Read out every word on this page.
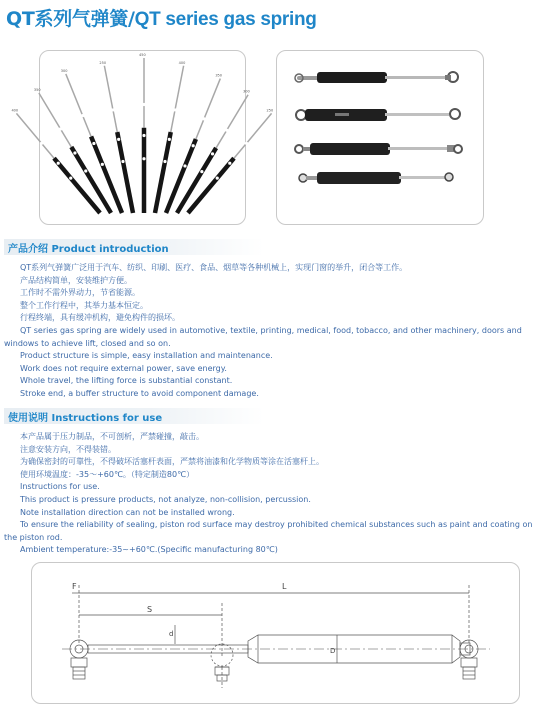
QT系列气弹簧/QT series gas spring
400
350
300
250
450
400
350
300
250
产品介绍 Product introduction

QT系列气弹簧广泛用于汽车、纺织、印刷、医疗、食品、烟草等各种机械上，实现门窗的举升，闭合等工作。

产品结构简单，安装维护方便。

工作时不需外界动力，节省能源。

整个工作行程中，其举力基本恒定。

行程终端，具有缓冲机构，避免构件的损坏。

QT series gas spring are widely used in automotive, textile, printing, medical, food, tobacco, and other machinery, doors and windows to achieve lift, closed and so on.

Product structure is simple, easy installation and maintenance.

Work does not require external power, save energy.

Whole travel, the lifting force is substantial constant.

Stroke end, a buffer structure to avoid component damage.

使用说明 Instructions for use

本产品属于压力制品，不可剖析，严禁碰撞，敲击。

注意安装方向，不得装错。

为确保密封的可靠性，不得破坏活塞杆表面，严禁将油漆和化学物质等涂在活塞杆上。

使用环境温度：-35～+60℃。（特定制造80℃）

Instructions for use.

This product is pressure products, not analyze, non-collision, percussion.

Note installation direction can not be installed wrong.

To ensure the reliability of sealing, piston rod surface may destroy prohibited chemical substances such as paint and coating on the piston rod.

Ambient temperature:-35~+60℃.(Specific manufacturing 80℃)

F	L
S
d
D
